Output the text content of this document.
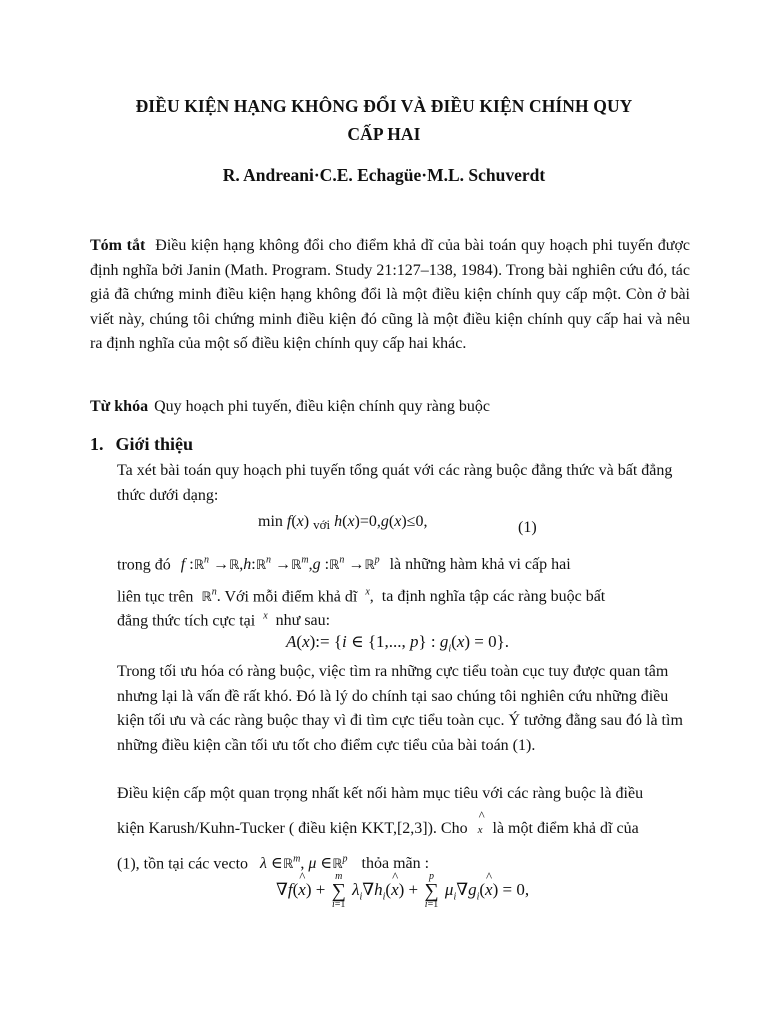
ĐIỀU KIỆN HẠNG KHÔNG ĐỔI VÀ ĐIỀU KIỆN CHÍNH QUY
CẤP HAI
R. Andreani·C.E. Echagüe·M.L. Schuverdt
Tóm tắt Điều kiện hạng không đổi cho điểm khả dĩ của bài toán quy hoạch phi tuyến được định nghĩa bởi Janin (Math. Program. Study 21:127–138, 1984). Trong bài nghiên cứu đó, tác giả đã chứng minh điều kiện hạng không đổi là một điều kiện chính quy cấp một. Còn ở bài viết này, chúng tôi chứng minh điều kiện đó cũng là một điều kiện chính quy cấp hai và nêu ra định nghĩa của một số điều kiện chính quy cấp hai khác.
Từ khóa Quy hoạch phi tuyến, điều kiện chính quy ràng buộc
1. Giới thiệu
Ta xét bài toán quy hoạch phi tuyến tổng quát với các ràng buộc đẳng thức và bất đẳng thức dưới dạng:
min f(x) với h(x)=0,g(x)≤0,	(1)
trong đó f :ℝ$^n$ →ℝ,h:ℝ$^n$ →ℝ$^m$,g :ℝ$^n$ →ℝ$^p$ là những hàm khả vi cấp hai
liên tục trên ℝ$^n$. Với mỗi điểm khả dĩ $^x$, ta định nghĩa tập các ràng buộc bất
đẳng thức tích cực tại $^x$ như sau:
A(x):= {i ∈ {1,..., p} : $g_i(x) = 0$}.
Trong tối ưu hóa có ràng buộc, việc tìm ra những cực tiểu toàn cục tuy được quan tâm nhưng lại là vấn đề rất khó. Đó là lý do chính tại sao chúng tôi nghiên cứu những điều kiện tối ưu và các ràng buộc thay vì đi tìm cực tiểu toàn cục. Ý tưởng đằng sau đó là tìm những điều kiện cần tối ưu tốt cho điểm cực tiểu của bài toán (1).
Điều kiện cấp một quan trọng nhất kết nối hàm mục tiêu với các ràng buộc là điều
kiện Karush/Kuhn-Tucker ( điều kiện KKT,[2,3]). Cho ^ x là một điểm khả dĩ của
(1), tồn tại các vecto λ ∈ℝ$^m$, μ ∈ℝ$^p$ thỏa mãn :
∇f(^ x) +
m
∑
i=1
$\lambda_i\nabla h_i(\^{}$ x) +
p
∑
i=1
$\mu_i\nabla g_i(\^{}$ x) = 0,
